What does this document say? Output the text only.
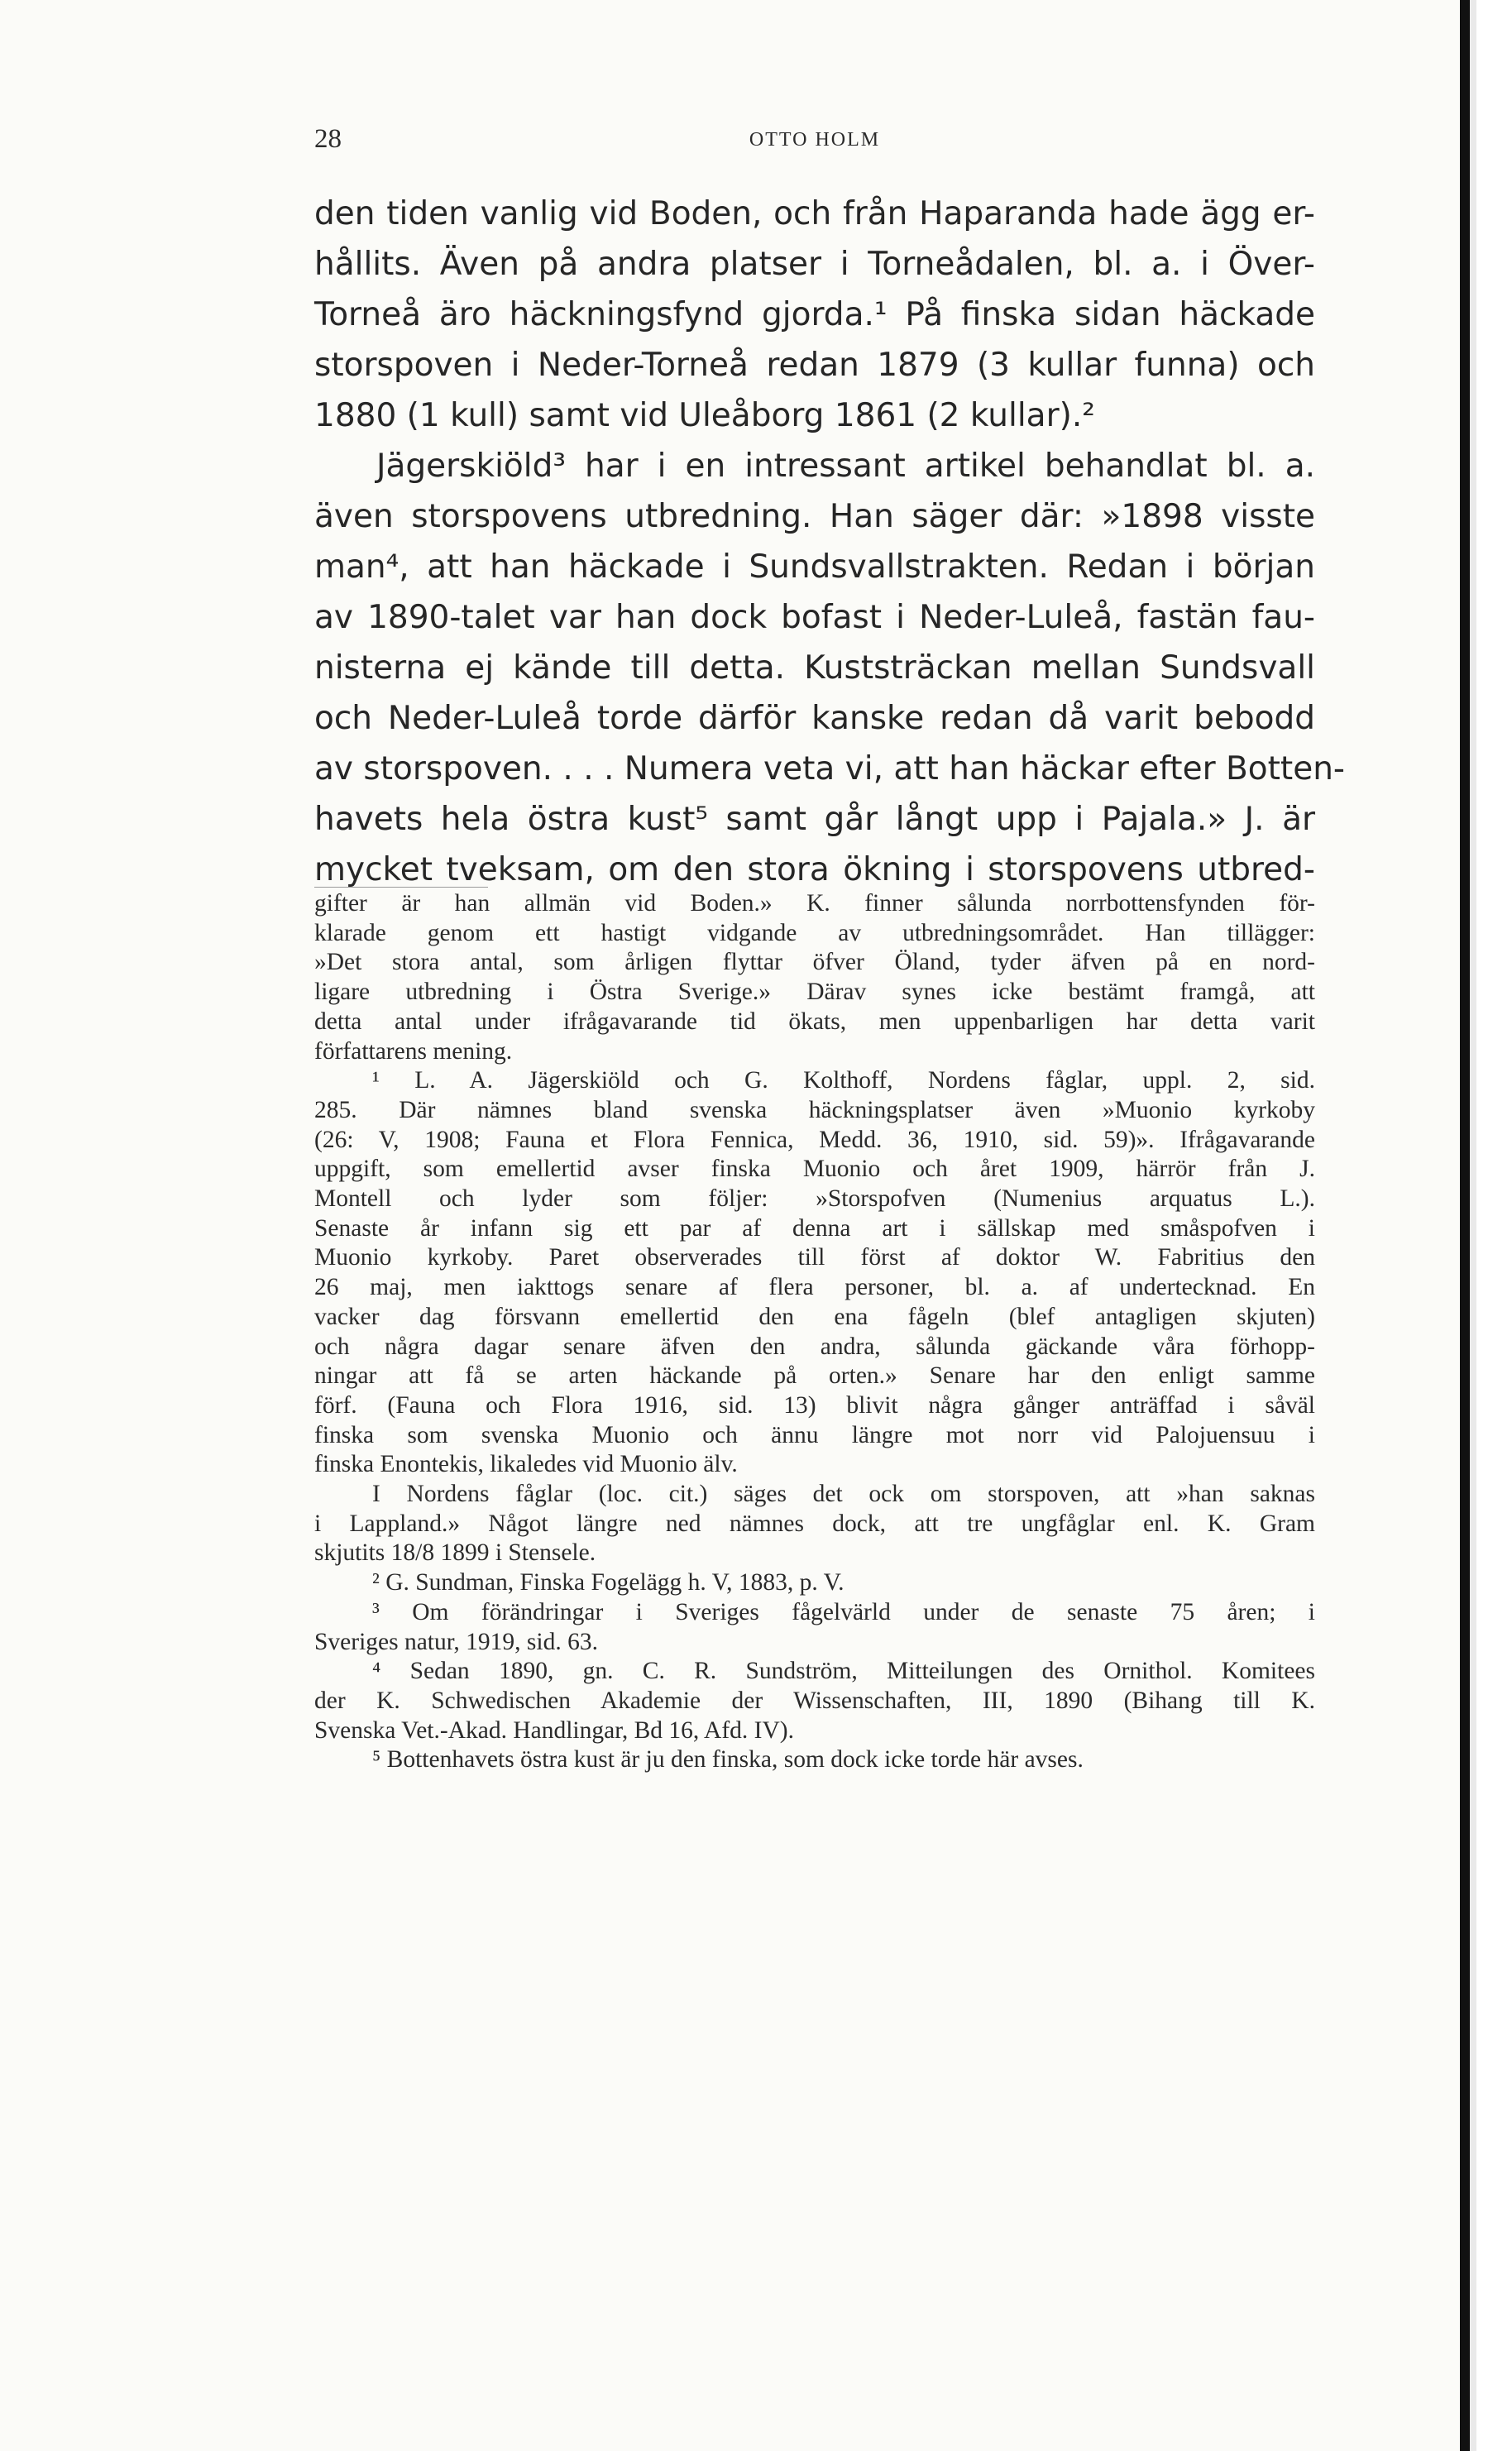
28	OTTO HOLM
den tiden vanlig vid Boden, och från Haparanda hade ägg er-
hållits. Även på andra platser i Torneådalen, bl. a. i Över-
Torneå äro häckningsfynd gjorda.¹ På finska sidan häckade
storspoven i Neder-Torneå redan 1879 (3 kullar funna) och
1880 (1 kull) samt vid Uleåborg 1861 (2 kullar).²
Jägerskiöld³ har i en intressant artikel behandlat bl. a.
även storspovens utbredning. Han säger där: »1898 visste
man⁴, att han häckade i Sundsvallstrakten. Redan i början
av 1890-talet var han dock bofast i Neder-Luleå, fastän fau-
nisterna ej kände till detta. Kuststräckan mellan Sundsvall
och Neder-Luleå torde därför kanske redan då varit bebodd
av storspoven. . . . Numera veta vi, att han häckar efter Botten-
havets hela östra kust⁵ samt går långt upp i Pajala.» J. är
mycket tveksam, om den stora ökning i storspovens utbred-
gifter är han allmän vid Boden.» K. finner sålunda norrbottensfynden för-
klarade genom ett hastigt vidgande av utbredningsområdet. Han tillägger:
»Det stora antal, som årligen flyttar öfver Öland, tyder äfven på en nord-
ligare utbredning i Östra Sverige.» Därav synes icke bestämt framgå, att
detta antal under ifrågavarande tid ökats, men uppenbarligen har detta varit
författarens mening.
¹ L. A. Jägerskiöld och G. Kolthoff, Nordens fåglar, uppl. 2, sid.
285. Där nämnes bland svenska häckningsplatser även »Muonio kyrkoby
(26: V, 1908; Fauna et Flora Fennica, Medd. 36, 1910, sid. 59)». Ifrågavarande
uppgift, som emellertid avser finska Muonio och året 1909, härrör från J.
Montell och lyder som följer: »Storspofven (Numenius arquatus L.).
Senaste år infann sig ett par af denna art i sällskap med småspofven i
Muonio kyrkoby. Paret observerades till först af doktor W. Fabritius den
26 maj, men iakttogs senare af flera personer, bl. a. af undertecknad. En
vacker dag försvann emellertid den ena fågeln (blef antagligen skjuten)
och några dagar senare äfven den andra, sålunda gäckande våra förhopp-
ningar att få se arten häckande på orten.» Senare har den enligt samme
förf. (Fauna och Flora 1916, sid. 13) blivit några gånger anträffad i såväl
finska som svenska Muonio och ännu längre mot norr vid Palojuensuu i
finska Enontekis, likaledes vid Muonio älv.
I Nordens fåglar (loc. cit.) säges det ock om storspoven, att »han saknas
i Lappland.» Något längre ned nämnes dock, att tre ungfåglar enl. K. Gram
skjutits 18/8 1899 i Stensele.
² G. Sundman, Finska Fogelägg h. V, 1883, p. V.
³ Om förändringar i Sveriges fågelvärld under de senaste 75 åren; i
Sveriges natur, 1919, sid. 63.
⁴ Sedan 1890, gn. C. R. Sundström, Mitteilungen des Ornithol. Komitees
der K. Schwedischen Akademie der Wissenschaften, III, 1890 (Bihang till K.
Svenska Vet.-Akad. Handlingar, Bd 16, Afd. IV).
⁵ Bottenhavets östra kust är ju den finska, som dock icke torde här avses.
